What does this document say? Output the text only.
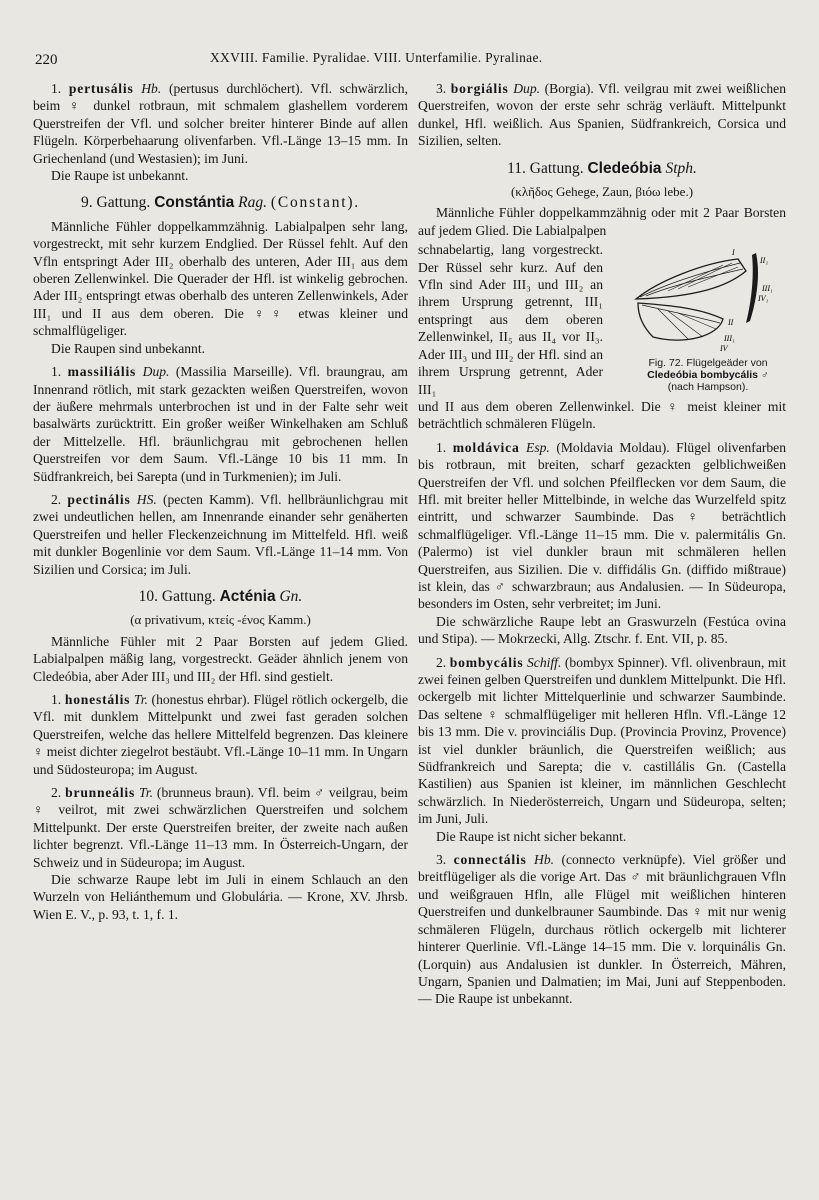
220	XXVIII. Familie. Pyralidae. VIII. Unterfamilie. Pyralinae.

1. pertusális Hb. (pertusus durchlöchert). Vfl. schwärzlich, beim ♀ dunkel rotbraun, mit schmalem glashellem vorderem Querstreifen der Vfl. und solcher breiter hinterer Binde auf allen Flügeln. Körperbehaarung olivenfarben. Vfl.-Länge 13–15 mm. In Griechenland (und Westasien); im Juni.

Die Raupe ist unbekannt.

9. Gattung. Constántia Rag. (Constant).

Männliche Fühler doppelkammzähnig. Labialpalpen sehr lang, vorgestreckt, mit sehr kurzem Endglied. Der Rüssel fehlt. Auf den Vfln entspringt Ader III₂ oberhalb des unteren, Ader III₁ aus dem oberen Zellenwinkel. Die Querader der Hfl. ist winkelig gebrochen. Ader III₂ entspringt etwas oberhalb des unteren Zellenwinkels, Ader III₁ und II aus dem oberen. Die ♀♀ etwas kleiner und schmalflügeliger.

Die Raupen sind unbekannt.

1. massiliális Dup. (Massilia Marseille). Vfl. braungrau, am Innenrand rötlich, mit stark gezackten weißen Querstreifen, wovon der äußere mehrmals unterbrochen ist und in der Falte sehr weit basalwärts zurücktritt. Ein großer weißer Winkelhaken am Schluß der Mittelzelle. Hfl. bräunlichgrau mit gebrochenen hellen Querstreifen vor dem Saum. Vfl.-Länge 10 bis 11 mm. In Südfrankreich, bei Sarepta (und in Turkmenien); im Juli.

2. pectinális HS. (pecten Kamm). Vfl. hellbräunlichgrau mit zwei undeutlichen hellen, am Innenrande einander sehr genäherten Querstreifen und heller Fleckenzeichnung im Mittelfeld. Hfl. weiß mit dunkler Bogenlinie vor dem Saum. Vfl.-Länge 11–14 mm. Von Sizilien und Corsica; im Juli.

10. Gattung. Acténia Gn.
(α privativum, κτείς -ένος Kamm.)

Männliche Fühler mit 2 Paar Borsten auf jedem Glied. Labialpalpen mäßig lang, vorgestreckt. Geäder ähnlich jenem von Cledeóbia, aber Ader III₃ und III₂ der Hfl. sind gestielt.

1. honestális Tr. (honestus ehrbar). Flügel rötlich ockergelb, die Vfl. mit dunklem Mittelpunkt und zwei fast geraden solchen Querstreifen, welche das hellere Mittelfeld begrenzen. Das kleinere ♀ meist dichter ziegelrot bestäubt. Vfl.-Länge 10–11 mm. In Ungarn und Südosteuropa; im August.

2. brunneális Tr. (brunneus braun). Vfl. beim ♂ veilgrau, beim ♀ veilrot, mit zwei schwärzlichen Querstreifen und solchem Mittelpunkt. Der erste Querstreifen breiter, der zweite nach außen lichter begrenzt. Vfl.-Länge 11–13 mm. In Österreich-Ungarn, der Schweiz und in Südeuropa; im August.

Die schwarze Raupe lebt im Juli in einem Schlauch an den Wurzeln von Heliánthemum und Globulária. — Krone, XV. Jhrsb. Wien E. V., p. 93, t. 1, f. 1.

3. borgiális Dup. (Borgia). Vfl. veilgrau mit zwei weißlichen Querstreifen, wovon der erste sehr schräg verläuft. Mittelpunkt dunkel, Hfl. weißlich. Aus Spanien, Südfrankreich, Corsica und Sizilien, selten.

11. Gattung. Cledeóbia Stph.
(κλῆδος Gehege, Zaun, βιόω lebe.)

Männliche Fühler doppelkammzähnig oder mit 2 Paar Borsten auf jedem Glied. Die Labialpalpen

I
II₁
III₁
IV₁
II
III₁
IV
Fig. 72. Flügelgeäder von
Cledeóbia bombycális ♂
(nach Hampson).

schnabelartig, lang vorgestreckt. Der Rüssel sehr kurz. Auf den Vfln sind Ader III₃ und III₂ an ihrem Ursprung getrennt, III₁ entspringt aus dem oberen Zellenwinkel, II₅ aus II₄ vor II₃. Ader III₃ und III₂ der Hfl. sind an ihrem Ursprung getrennt, Ader III₁

und II aus dem oberen Zellenwinkel. Die ♀ meist kleiner mit beträchtlich schmäleren Flügeln.

1. moldávica Esp. (Moldavia Moldau). Flügel olivenfarben bis rotbraun, mit breiten, scharf gezackten gelblichweißen Querstreifen der Vfl. und solchen Pfeilflecken vor dem Saum, die Hfl. mit breiter heller Mittelbinde, in welche das Wurzelfeld spitz eintritt, und schwarzer Saumbinde. Das ♀ beträchtlich schmalflügeliger. Vfl.-Länge 11–15 mm. Die v. palermitális Gn. (Palermo) ist viel dunkler braun mit schmäleren hellen Querstreifen, aus Sizilien. Die v. diffidális Gn. (diffido mißtraue) ist klein, das ♂ schwarzbraun; aus Andalusien. — In Südeuropa, besonders im Osten, sehr verbreitet; im Juni.

Die schwärzliche Raupe lebt an Graswurzeln (Festúca ovina und Stipa). — Mokrzecki, Allg. Ztschr. f. Ent. VII, p. 85.

2. bombycális Schiff. (bombyx Spinner). Vfl. olivenbraun, mit zwei feinen gelben Querstreifen und dunklem Mittelpunkt. Die Hfl. ockergelb mit lichter Mittelquerlinie und schwarzer Saumbinde. Das seltene ♀ schmalflügeliger mit helleren Hfln. Vfl.-Länge 12 bis 13 mm. Die v. provinciális Dup. (Provincia Provinz, Provence) ist viel dunkler bräunlich, die Querstreifen weißlich; aus Südfrankreich und Sarepta; die v. castillális Gn. (Castella Kastilien) aus Spanien ist kleiner, im männlichen Geschlecht schwärzlich. In Niederösterreich, Ungarn und Südeuropa, selten; im Juni, Juli.

Die Raupe ist nicht sicher bekannt.

3. connectális Hb. (connecto verknüpfe). Viel größer und breitflügeliger als die vorige Art. Das ♂ mit bräunlichgrauen Vfln und weißgrauen Hfln, alle Flügel mit weißlichen hinteren Querstreifen und dunkelbrauner Saumbinde. Das ♀ mit nur wenig schmäleren Flügeln, durchaus rötlich ockergelb mit lichterer hinterer Querlinie. Vfl.-Länge 14–15 mm. Die v. lorquinális Gn. (Lorquin) aus Andalusien ist dunkler. In Österreich, Mähren, Ungarn, Spanien und Dalmatien; im Mai, Juni auf Steppenboden. — Die Raupe ist unbekannt.
